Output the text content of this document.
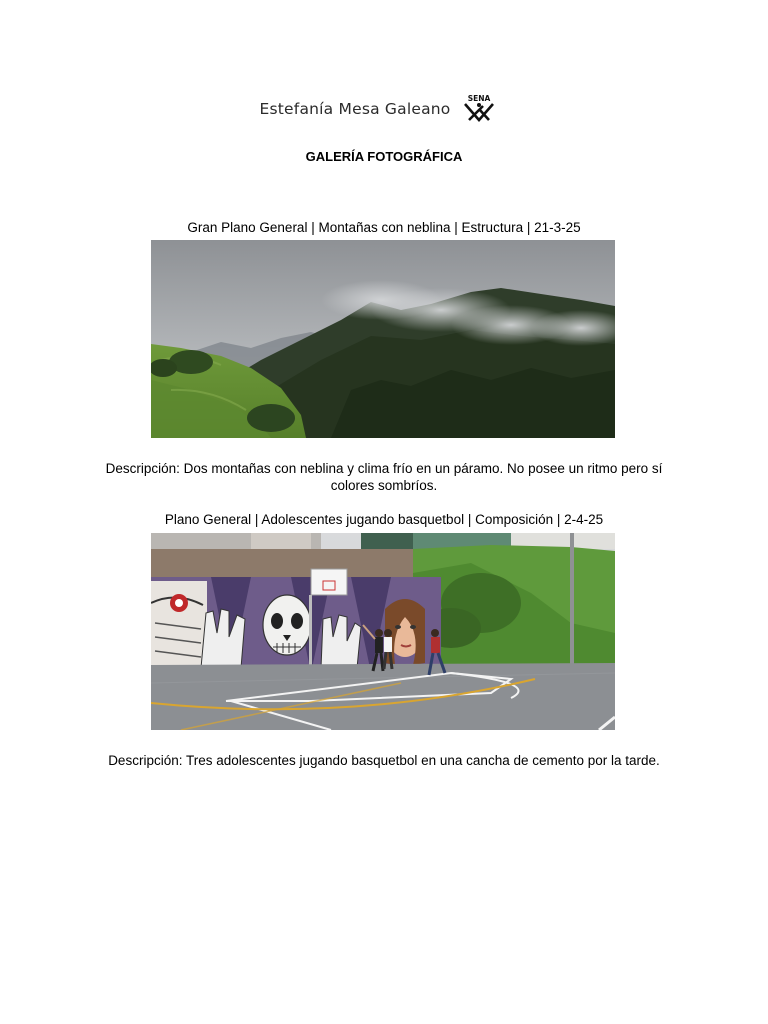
Estefanía Mesa Galeano
SENA
GALERÍA FOTOGRÁFICA
Gran Plano General | Montañas con neblina | Estructura | 21-3-25
Descripción: Dos montañas con neblina y clima frío en un páramo. No posee un ritmo pero sí colores sombríos.
Plano General | Adolescentes jugando basquetbol | Composición | 2-4-25
Descripción: Tres adolescentes jugando basquetbol en una cancha de cemento por la tarde.
